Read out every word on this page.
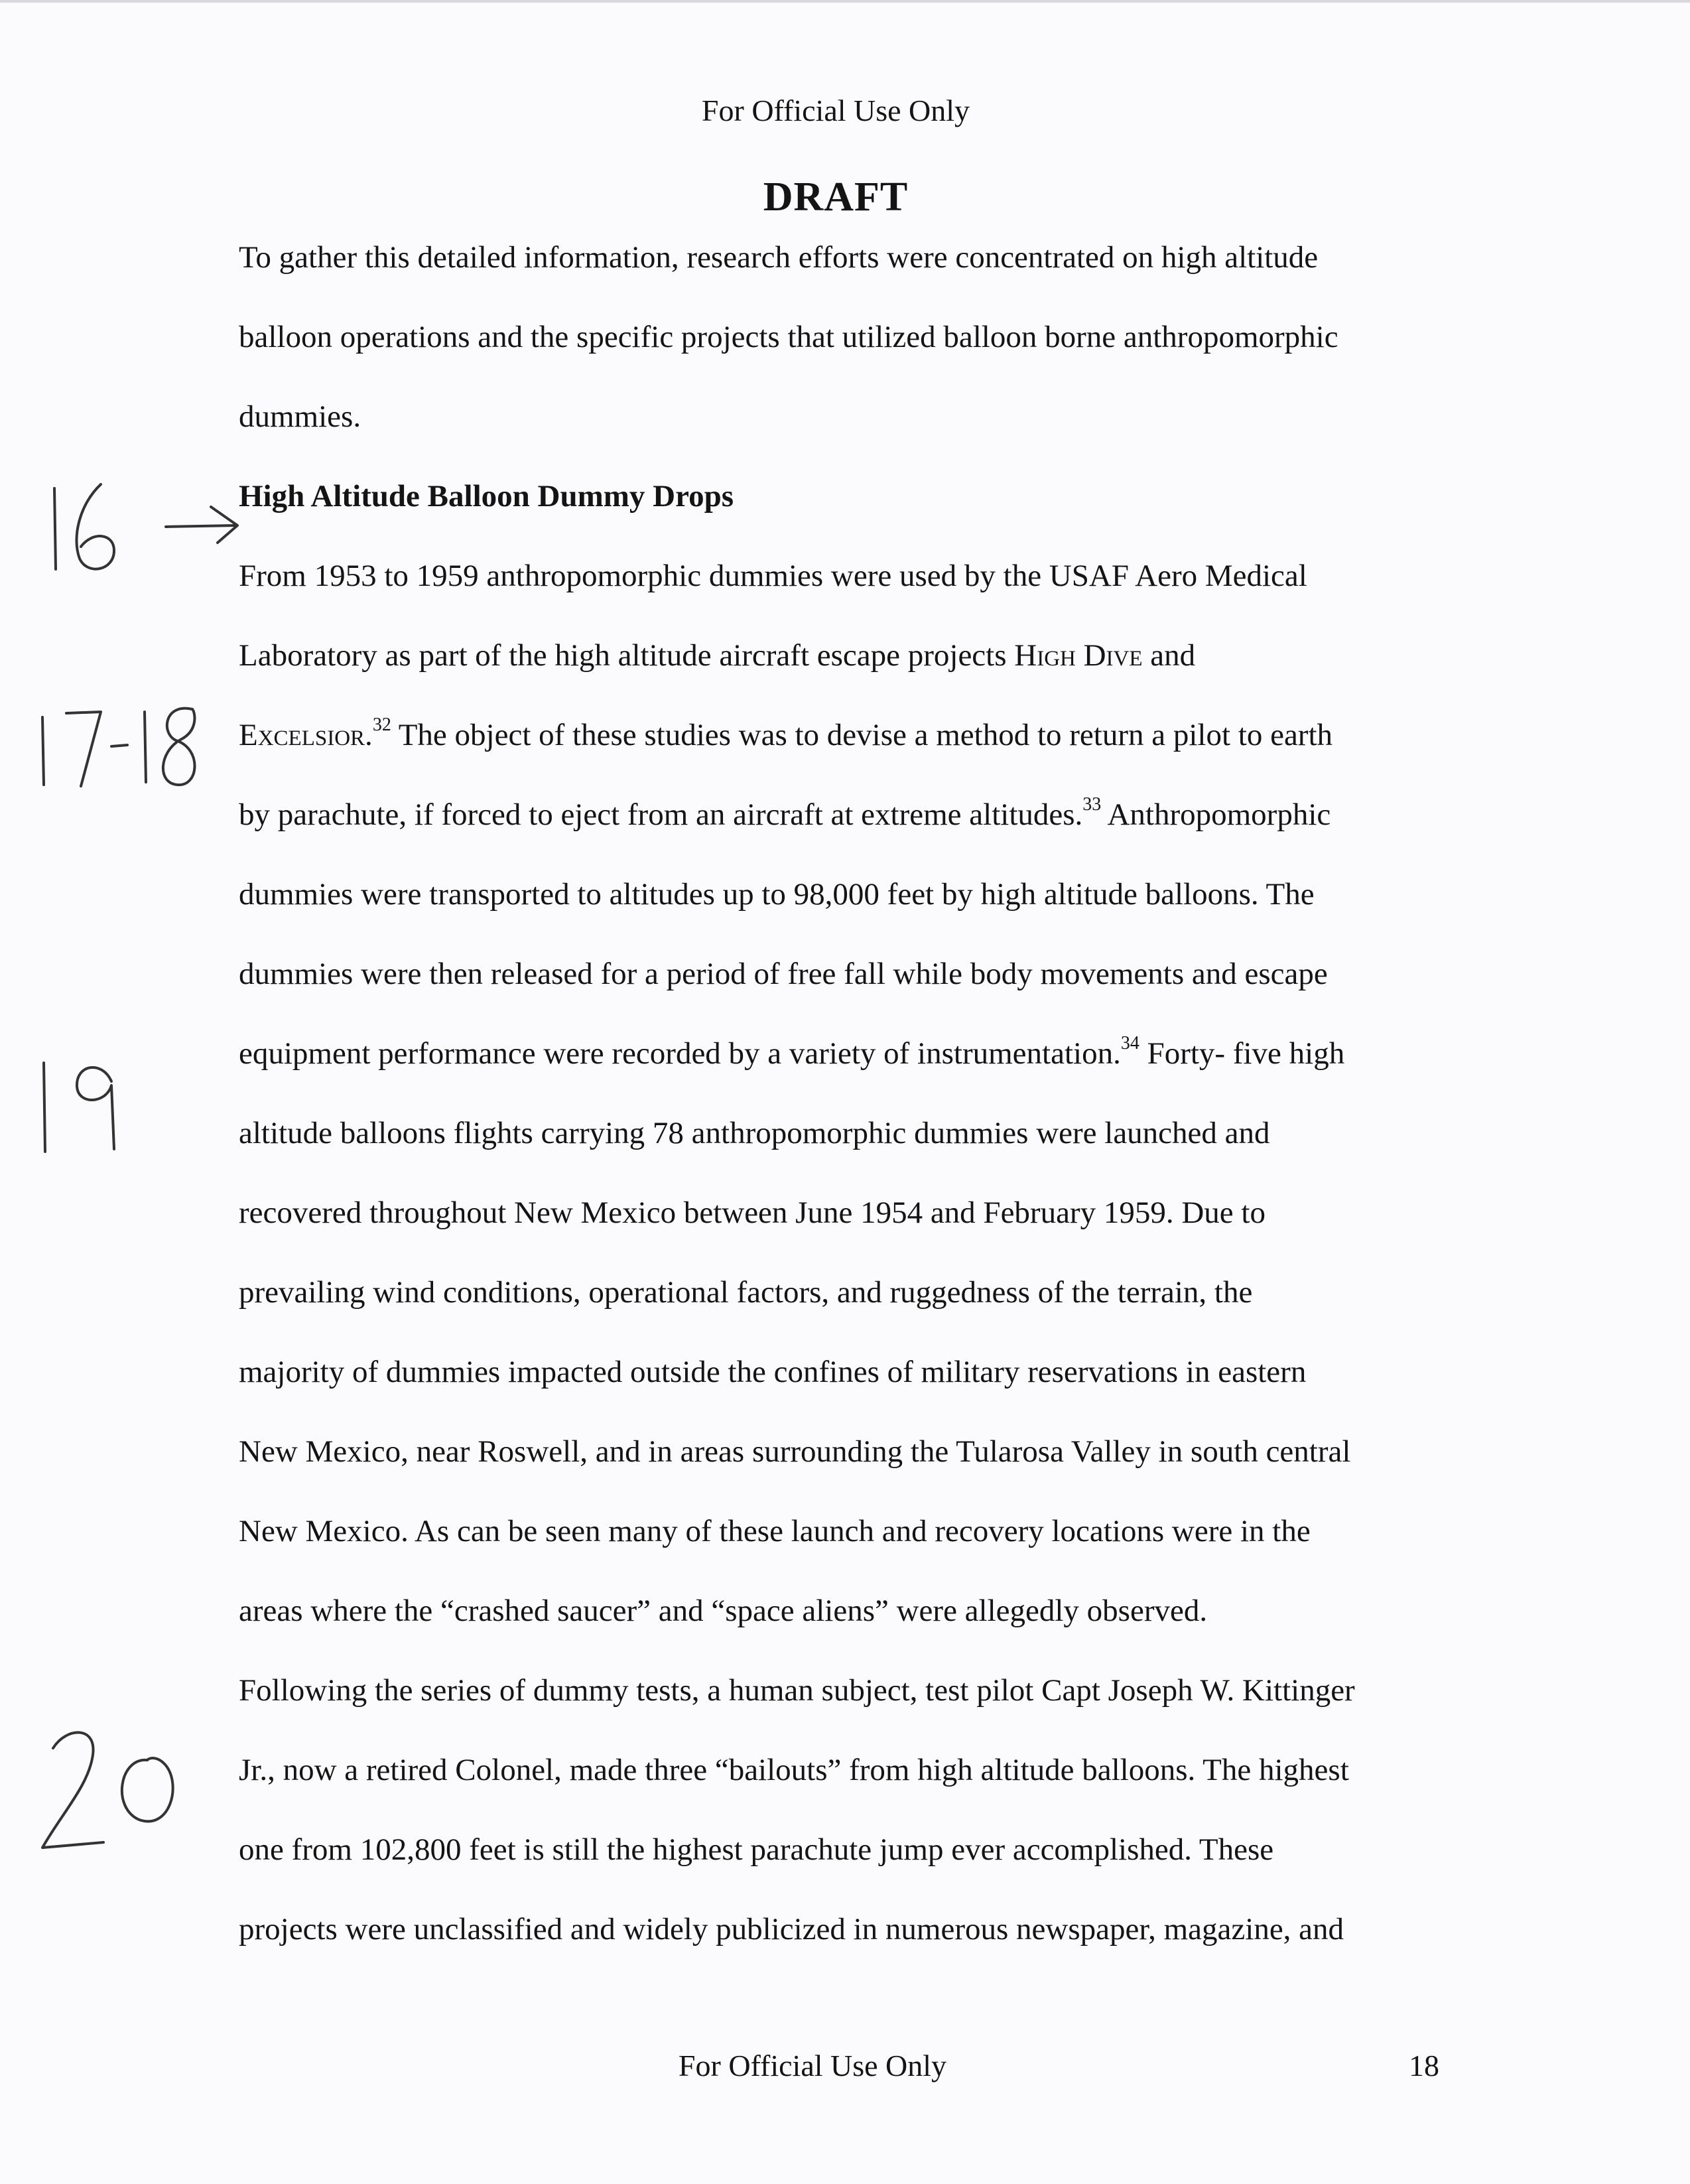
For Official Use Only
DRAFT
To gather this detailed information, research efforts were concentrated on high altitude
balloon operations and the specific projects that utilized balloon borne anthropomorphic
dummies.
High Altitude Balloon Dummy Drops
From 1953 to 1959 anthropomorphic dummies were used by the USAF Aero Medical
Laboratory as part of the high altitude aircraft escape projects High Dive and
Excelsior.$^{32}$ The object of these studies was to devise a method to return a pilot to earth
by parachute, if forced to eject from an aircraft at extreme altitudes.$^{33}$ Anthropomorphic
dummies were transported to altitudes up to 98,000 feet by high altitude balloons. The
dummies were then released for a period of free fall while body movements and escape
equipment performance were recorded by a variety of instrumentation.$^{34}$ Forty- five high
altitude balloons flights carrying 78 anthropomorphic dummies were launched and
recovered throughout New Mexico between June 1954 and February 1959. Due to
prevailing wind conditions, operational factors, and ruggedness of the terrain, the
majority of dummies impacted outside the confines of military reservations in eastern
New Mexico, near Roswell, and in areas surrounding the Tularosa Valley in south central
New Mexico. As can be seen many of these launch and recovery locations were in the
areas where the “crashed saucer” and “space aliens” were allegedly observed.
Following the series of dummy tests, a human subject, test pilot Capt Joseph W. Kittinger
Jr., now a retired Colonel, made three “bailouts” from high altitude balloons. The highest
one from 102,800 feet is still the highest parachute jump ever accomplished. These
projects were unclassified and widely publicized in numerous newspaper, magazine, and
For Official Use Only	18
